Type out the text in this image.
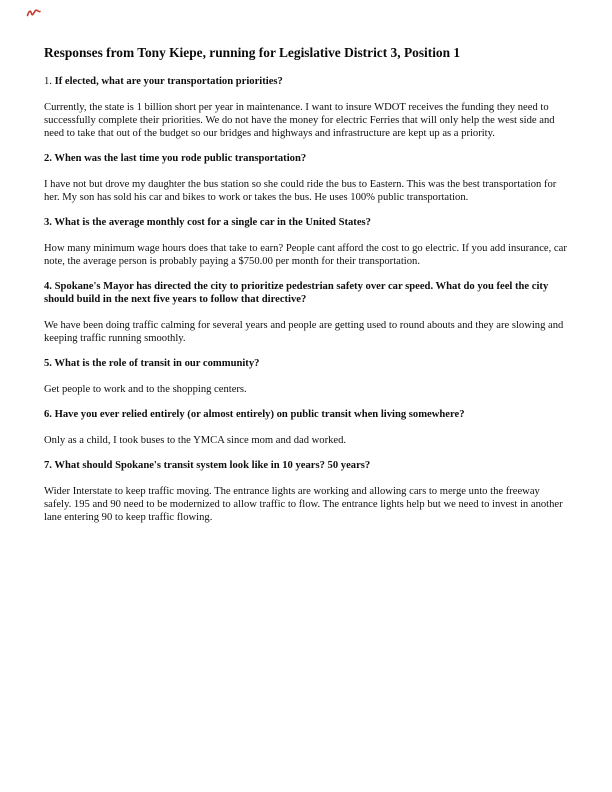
Responses from Tony Kiepe, running for Legislative District 3, Position 1

1. If elected, what are your transportation priorities?

Currently, the state is 1 billion short per year in maintenance. I want to insure WDOT receives the funding they need to successfully complete their priorities. We do not have the money for electric Ferries that will only help the west side and need to take that out of the budget so our bridges and highways and infrastructure are kept up as a priority.

2. When was the last time you rode public transportation?

I have not but drove my daughter the bus station so she could ride the bus to Eastern. This was the best transportation for her. My son has sold his car and bikes to work or takes the bus. He uses 100% public transportation.

3. What is the average monthly cost for a single car in the United States?

How many minimum wage hours does that take to earn? People cant afford the cost to go electric. If you add insurance, car note, the average person is probably paying a $750.00 per month for their transportation.

4. Spokane's Mayor has directed the city to prioritize pedestrian safety over car speed. What do you feel the city should build in the next five years to follow that directive?

We have been doing traffic calming for several years and people are getting used to round abouts and they are slowing and keeping traffic running smoothly.

5. What is the role of transit in our community?

Get people to work and to the shopping centers.

6. Have you ever relied entirely (or almost entirely) on public transit when living somewhere?

Only as a child, I took buses to the YMCA since mom and dad worked.

7. What should Spokane's transit system look like in 10 years? 50 years?

Wider Interstate to keep traffic moving. The entrance lights are working and allowing cars to merge unto the freeway safely. 195 and 90 need to be modernized to allow traffic to flow. The entrance lights help but we need to invest in another lane entering 90 to keep traffic flowing.
